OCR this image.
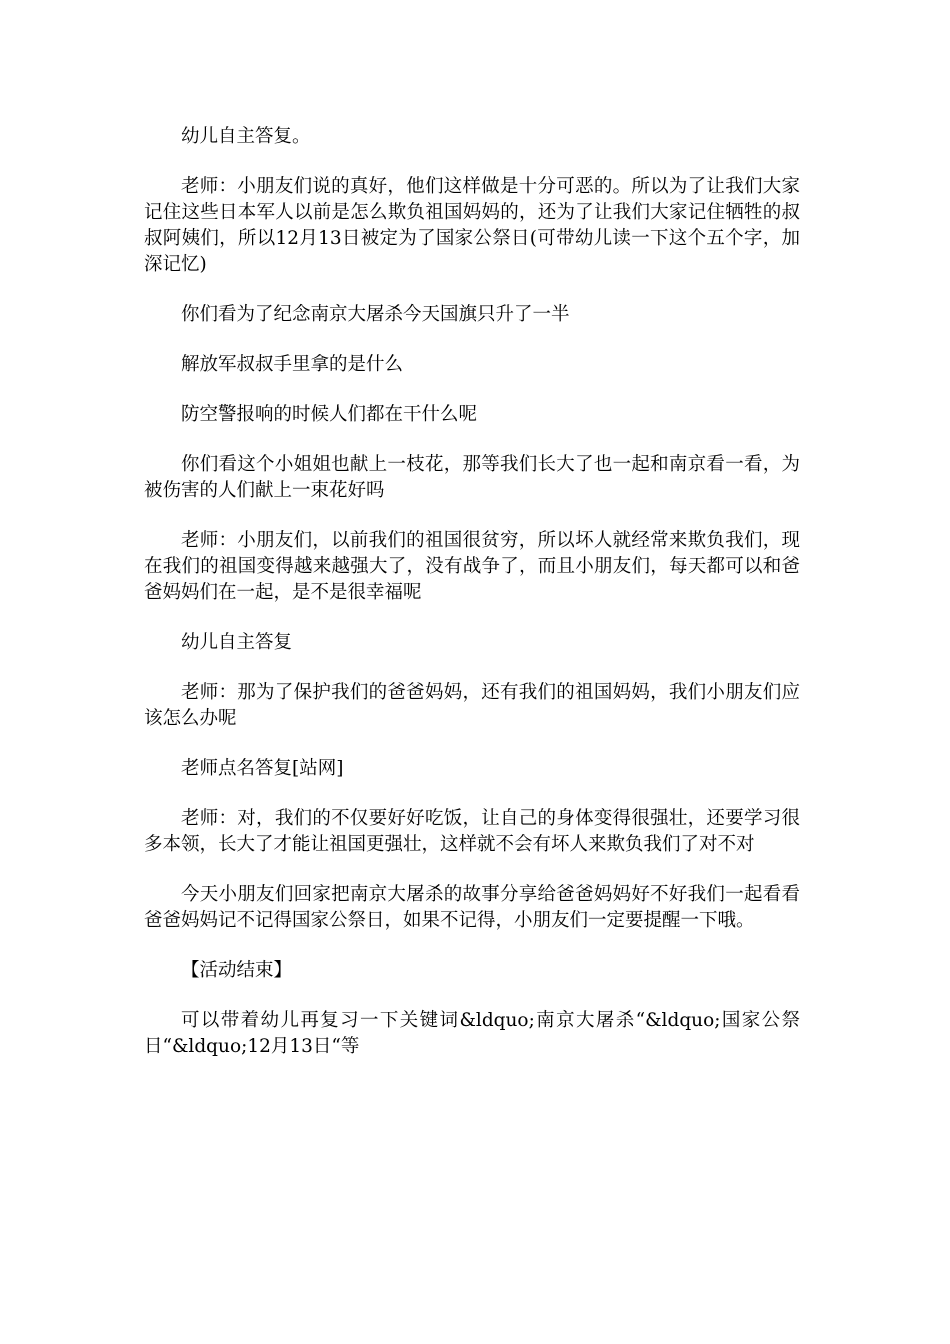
幼儿自主答复。

老师：小朋友们说的真好，他们这样做是十分可恶的。所以为了让我们大家记住这些日本军人以前是怎么欺负祖国妈妈的，还为了让我们大家记住牺牲的叔叔阿姨们，所以12月13日被定为了国家公祭日(可带幼儿读一下这个五个字，加深记忆)

你们看为了纪念南京大屠杀今天国旗只升了一半

解放军叔叔手里拿的是什么

防空警报响的时候人们都在干什么呢

你们看这个小姐姐也献上一枝花，那等我们长大了也一起和南京看一看，为被伤害的人们献上一束花好吗

老师：小朋友们，以前我们的祖国很贫穷，所以坏人就经常来欺负我们，现在我们的祖国变得越来越强大了，没有战争了，而且小朋友们，每天都可以和爸爸妈妈们在一起，是不是很幸福呢

幼儿自主答复

老师：那为了保护我们的爸爸妈妈，还有我们的祖国妈妈，我们小朋友们应该怎么办呢

老师点名答复[站网]

老师：对，我们的不仅要好好吃饭，让自己的身体变得很强壮，还要学习很多本领，长大了才能让祖国更强壮，这样就不会有坏人来欺负我们了对不对

今天小朋友们回家把南京大屠杀的故事分享给爸爸妈妈好不好我们一起看看爸爸妈妈记不记得国家公祭日，如果不记得，小朋友们一定要提醒一下哦。

【活动结束】

可以带着幼儿再复习一下关键词&ldquo;南京大屠杀“&ldquo;国家公祭日“&ldquo;12月13日“等
